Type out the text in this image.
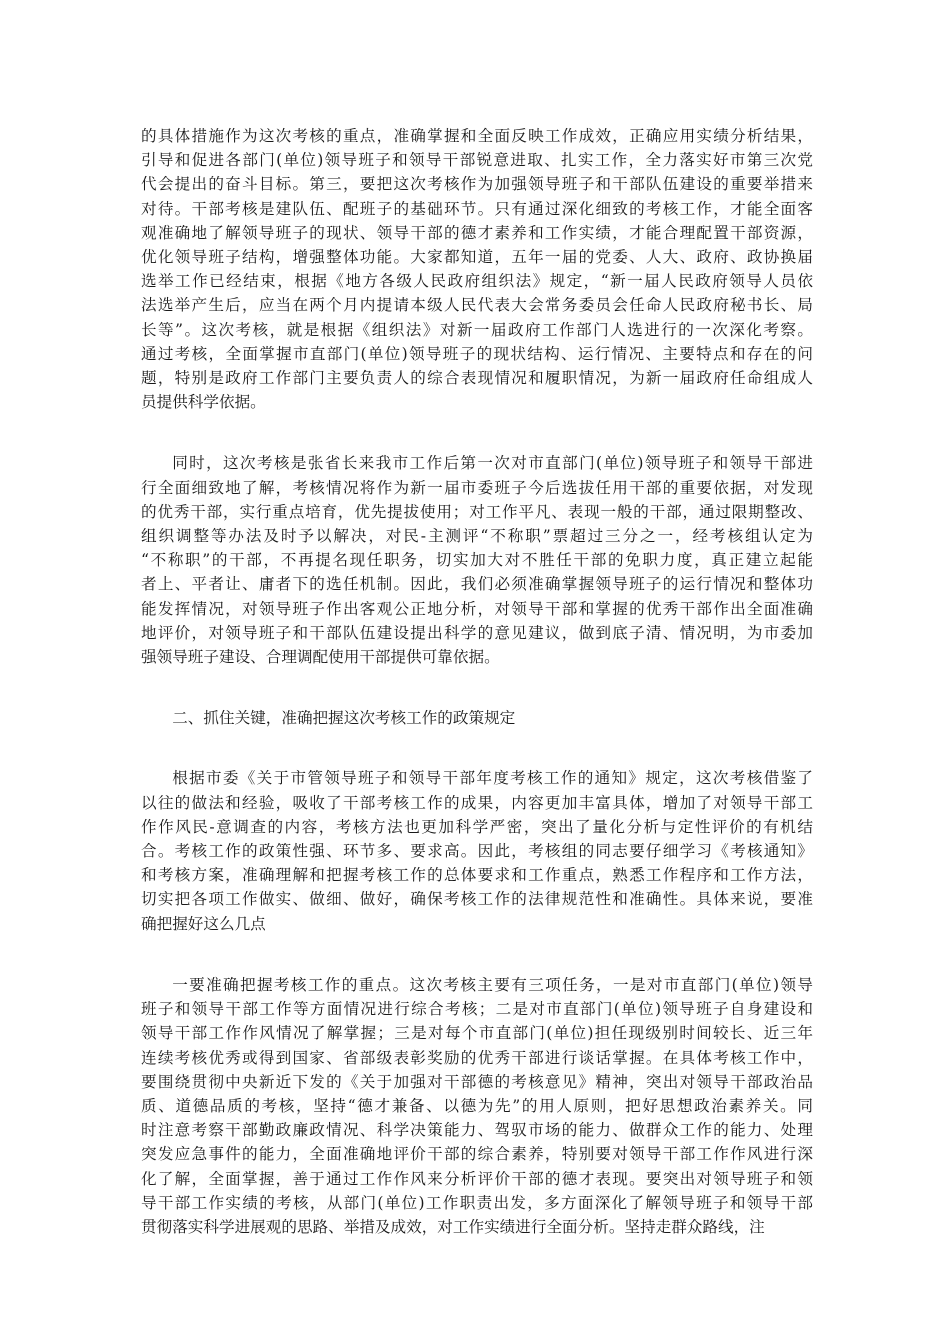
的具体措施作为这次考核的重点，准确掌握和全面反映工作成效，正确应用实绩分析结果，
引导和促进各部门(单位)领导班子和领导干部锐意进取、扎实工作，全力落实好市第三次党
代会提出的奋斗目标。第三，要把这次考核作为加强领导班子和干部队伍建设的重要举措来
对待。干部考核是建队伍、配班子的基础环节。只有通过深化细致的考核工作，才能全面客
观准确地了解领导班子的现状、领导干部的德才素养和工作实绩，才能合理配置干部资源，
优化领导班子结构，增强整体功能。大家都知道，五年一届的党委、人大、政府、政协换届
选举工作已经结束，根据《地方各级人民政府组织法》规定，“新一届人民政府领导人员依
法选举产生后，应当在两个月内提请本级人民代表大会常务委员会任命人民政府秘书长、局
长等”。这次考核，就是根据《组织法》对新一届政府工作部门人选进行的一次深化考察。
通过考核，全面掌握市直部门(单位)领导班子的现状结构、运行情况、主要特点和存在的问
题，特别是政府工作部门主要负责人的综合表现情况和履职情况，为新一届政府任命组成人
员提供科学依据。
同时，这次考核是张省长来我市工作后第一次对市直部门(单位)领导班子和领导干部进
行全面细致地了解，考核情况将作为新一届市委班子今后选拔任用干部的重要依据，对发现
的优秀干部，实行重点培育，优先提拔使用；对工作平凡、表现一般的干部，通过限期整改、
组织调整等办法及时予以解决，对民-主测评“不称职”票超过三分之一，经考核组认定为
“不称职”的干部，不再提名现任职务，切实加大对不胜任干部的免职力度，真正建立起能
者上、平者让、庸者下的选任机制。因此，我们必须准确掌握领导班子的运行情况和整体功
能发挥情况，对领导班子作出客观公正地分析，对领导干部和掌握的优秀干部作出全面准确
地评价，对领导班子和干部队伍建设提出科学的意见建议，做到底子清、情况明，为市委加
强领导班子建设、合理调配使用干部提供可靠依据。
二、抓住关键，准确把握这次考核工作的政策规定
根据市委《关于市管领导班子和领导干部年度考核工作的通知》规定，这次考核借鉴了
以往的做法和经验，吸收了干部考核工作的成果，内容更加丰富具体，增加了对领导干部工
作作风民-意调查的内容，考核方法也更加科学严密，突出了量化分析与定性评价的有机结
合。考核工作的政策性强、环节多、要求高。因此，考核组的同志要仔细学习《考核通知》
和考核方案，准确理解和把握考核工作的总体要求和工作重点，熟悉工作程序和工作方法，
切实把各项工作做实、做细、做好，确保考核工作的法律规范性和准确性。具体来说，要准
确把握好这么几点
一要准确把握考核工作的重点。这次考核主要有三项任务，一是对市直部门(单位)领导
班子和领导干部工作等方面情况进行综合考核；二是对市直部门(单位)领导班子自身建设和
领导干部工作作风情况了解掌握；三是对每个市直部门(单位)担任现级别时间较长、近三年
连续考核优秀或得到国家、省部级表彰奖励的优秀干部进行谈话掌握。在具体考核工作中，
要围绕贯彻中央新近下发的《关于加强对干部德的考核意见》精神，突出对领导干部政治品
质、道德品质的考核，坚持“德才兼备、以德为先”的用人原则，把好思想政治素养关。同
时注意考察干部勤政廉政情况、科学决策能力、驾驭市场的能力、做群众工作的能力、处理
突发应急事件的能力，全面准确地评价干部的综合素养，特别要对领导干部工作作风进行深
化了解，全面掌握，善于通过工作作风来分析评价干部的德才表现。要突出对领导班子和领
导干部工作实绩的考核，从部门(单位)工作职责出发，多方面深化了解领导班子和领导干部
贯彻落实科学进展观的思路、举措及成效，对工作实绩进行全面分析。坚持走群众路线，注
